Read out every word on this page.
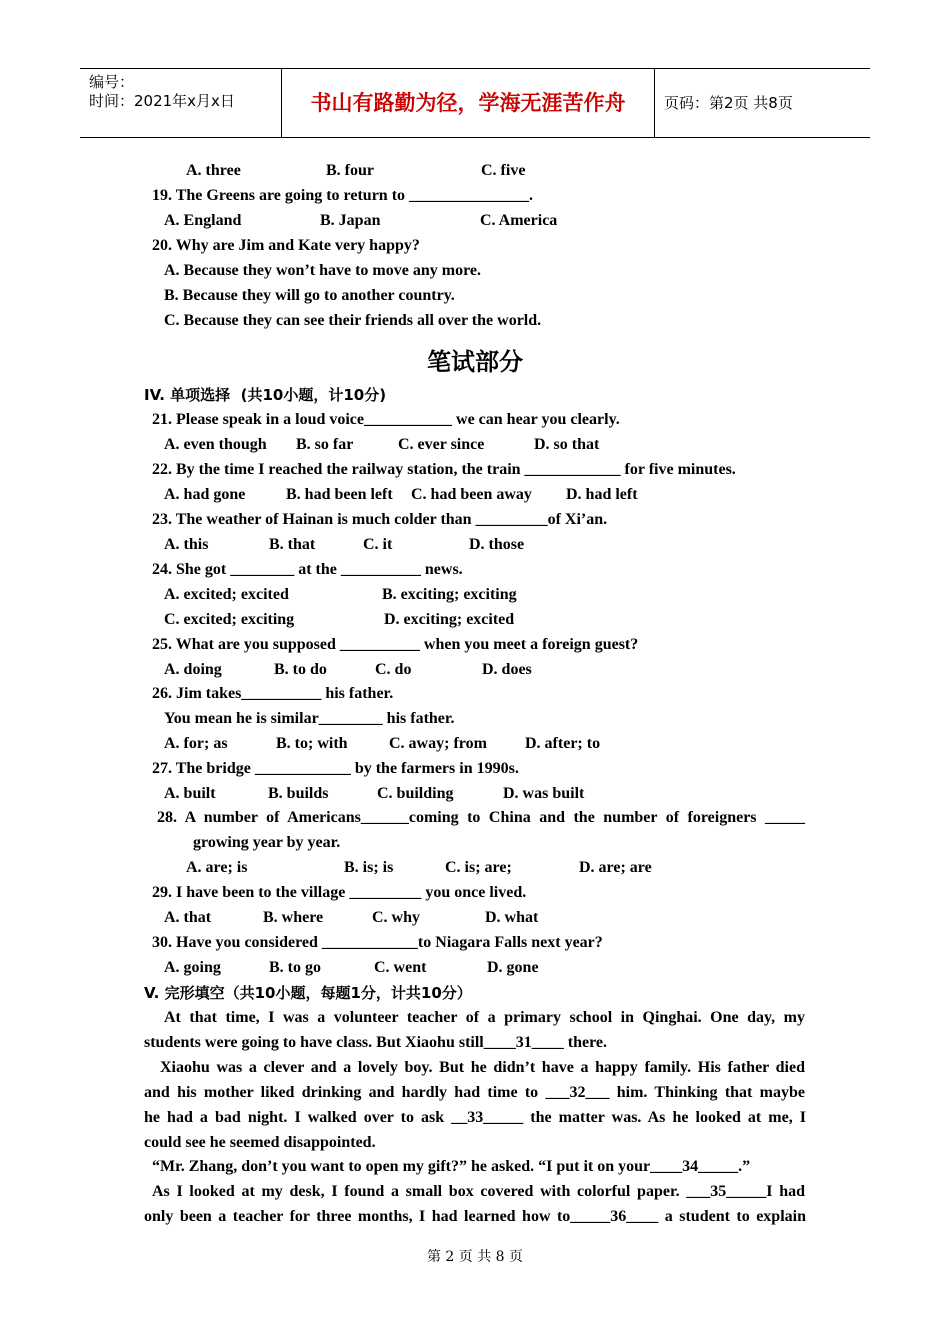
编号：
时间：2021年x月x日	书山有路勤为径，学海无涯苦作舟	页码：第2页 共8页
A. three	B. four	C. five
19. The Greens are going to return to _______________.
A. England	B. Japan	C. America
20. Why are Jim and Kate very happy?
A. Because they won’t have to move any more.
B. Because they will go to another country.
C. Because they can see their friends all over the world.
笔试部分
IV. 单项选择  (共10小题，计10分)
21. Please speak in a loud voice___________ we can hear you clearly.
A. even though B. so far	C. ever since	D. so that
22. By the time I reached the railway station, the train ____________ for five minutes.
A. had gone	B. had been left C. had been away D. had left
23. The weather of Hainan is much colder than _________of Xi’an.
A. this	B. that	C. it	D. those
24. She got ________ at the __________ news.
A. excited; excited	B. exciting; exciting
C. excited; exciting	D. exciting; excited
25. What are you supposed __________ when you meet a foreign guest?
A. doing	B. to do	C. do	D. does
26. Jim takes__________ his father.
You mean he is similar________ his father.
A. for; as	B. to; with	C. away; from D. after; to
27. The bridge ____________ by the farmers in 1990s.
A. built	B. builds	C. building	D. was built
28. A number of Americans______coming to China and the number of foreigners _____
growing year by year.
A. are; is	B. is; is	C. is; are;	D. are; are
29. I have been to the village _________ you once lived.
A. that	B. where	C. why	D. what
30. Have you considered ____________to Niagara Falls next year?
A. going	B. to go	C. went	D. gone
V. 完形填空（共10小题，每题1分，计共10分）
At that time, I was a volunteer teacher of a primary school in Qinghai. One day, my
students were going to have class. But Xiaohu still____31____ there.
Xiaohu was a clever and a lovely boy. But he didn’t have a happy family. His father died
and his mother liked drinking and hardly had time to ___32___ him. Thinking that maybe
he had a bad night. I walked over to ask __33_____ the matter was. As he looked at me, I
could see he seemed disappointed.
“Mr. Zhang, don’t you want to open my gift?” he asked. “I put it on your____34_____.”
As I looked at my desk, I found a small box covered with colorful paper. ___35_____I had
only been a teacher for three months, I had learned how to_____36____ a student to explain
第 2 页 共 8 页
